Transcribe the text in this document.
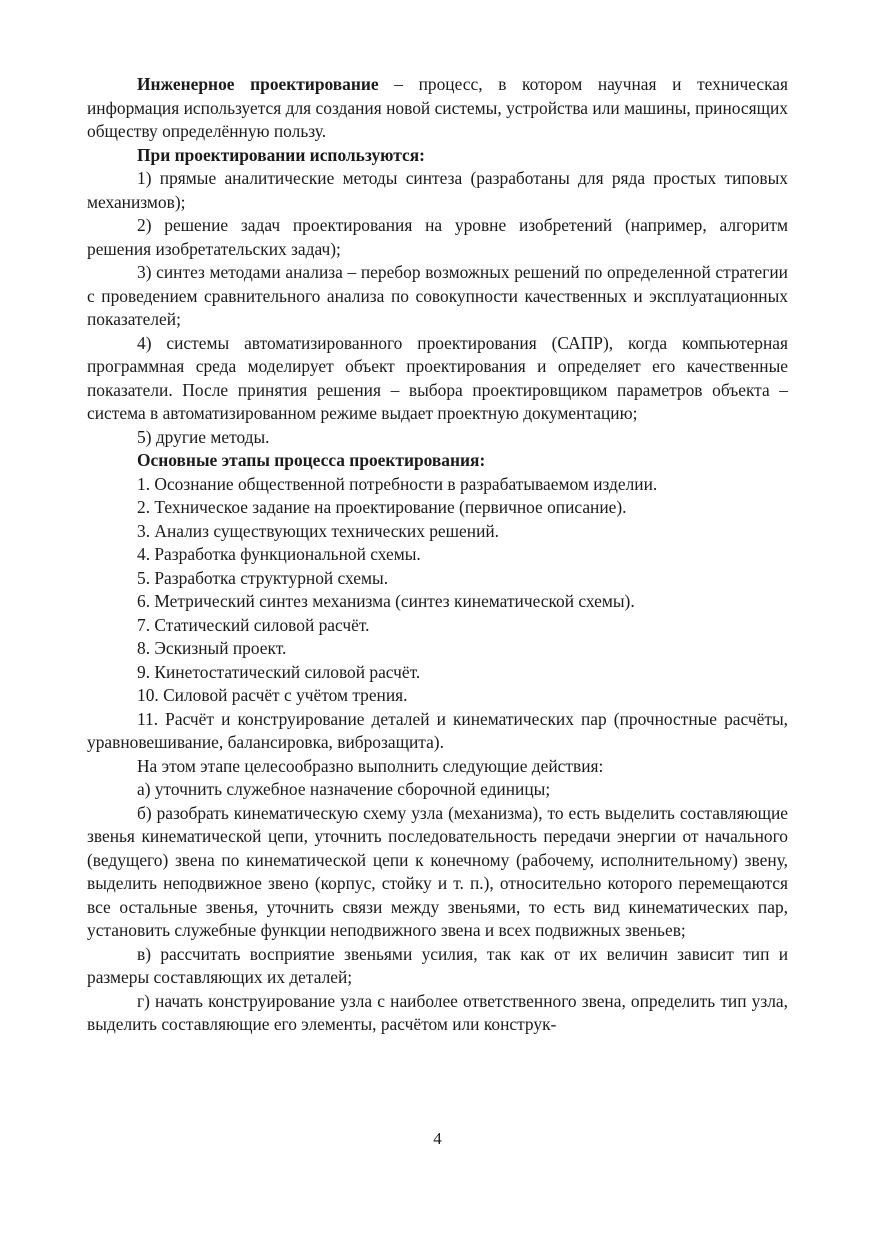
Инженерное проектирование – процесс, в котором научная и техническая информация используется для создания новой системы, устройства или машины, приносящих обществу определённую пользу.

При проектировании используются:

1) прямые аналитические методы синтеза (разработаны для ряда простых типовых механизмов);

2) решение задач проектирования на уровне изобретений (например, алгоритм решения изобретательских задач);

3) синтез методами анализа – перебор возможных решений по определенной стратегии с проведением сравнительного анализа по совокупности качественных и эксплуатационных показателей;

4) системы автоматизированного проектирования (САПР), когда компьютерная программная среда моделирует объект проектирования и определяет его качественные показатели. После принятия решения – выбора проектировщиком параметров объекта – система в автоматизированном режиме выдает проектную документацию;

5) другие методы.

Основные этапы процесса проектирования:

1. Осознание общественной потребности в разрабатываемом изделии.

2. Техническое задание на проектирование (первичное описание).

3. Анализ существующих технических решений.

4. Разработка функциональной схемы.

5. Разработка структурной схемы.

6. Метрический синтез механизма (синтез кинематической схемы).

7. Статический силовой расчёт.

8. Эскизный проект.

9. Кинетостатический силовой расчёт.

10. Силовой расчёт с учётом трения.

11. Расчёт и конструирование деталей и кинематических пар (прочностные расчёты, уравновешивание, балансировка, виброзащита).

На этом этапе целесообразно выполнить следующие действия:

а) уточнить служебное назначение сборочной единицы;

б) разобрать кинематическую схему узла (механизма), то есть выделить составляющие звенья кинематической цепи, уточнить последовательность передачи энергии от начального (ведущего) звена по кинематической цепи к конечному (рабочему, исполнительному) звену, выделить неподвижное звено (корпус, стойку и т. п.), относительно которого перемещаются все остальные звенья, уточнить связи между звеньями, то есть вид кинематических пар, установить служебные функции неподвижного звена и всех подвижных звеньев;

в) рассчитать восприятие звеньями усилия, так как от их величин зависит тип и размеры составляющих их деталей;

г) начать конструирование узла с наиболее ответственного звена, определить тип узла, выделить составляющие его элементы, расчётом или конструк-

4
